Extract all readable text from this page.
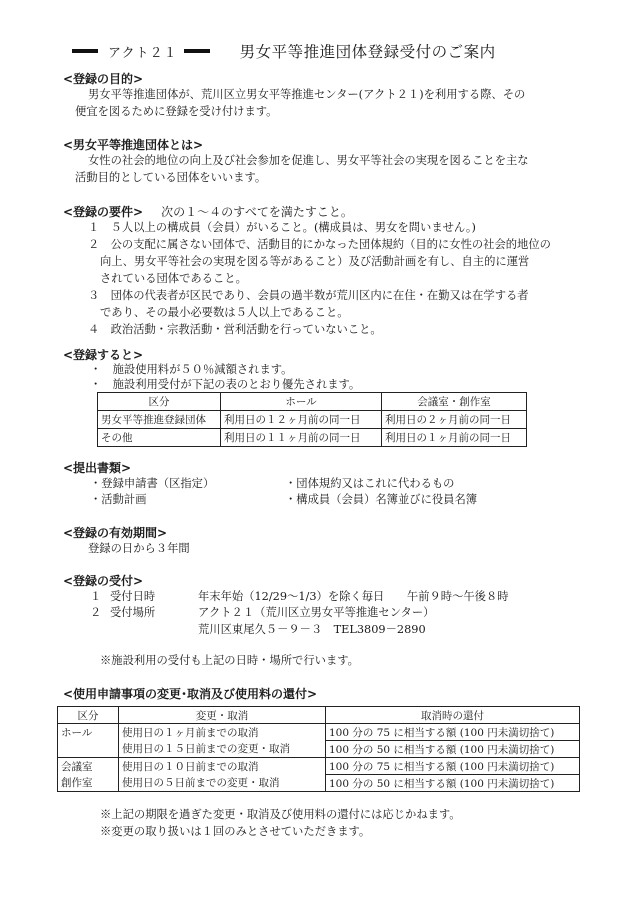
アクト２１	男女平等推進団体登録受付のご案内
<登録の目的>
男女平等推進団体が、荒川区立男女平等推進センター(アクト２１)を利用する際、その
便宜を図るために登録を受け付けます。
<男女平等推進団体とは>
女性の社会的地位の向上及び社会参加を促進し、男女平等社会の実現を図ることを主な
活動目的としている団体をいいます。
<登録の要件> 次の１～４のすべてを満たすこと。
１　５人以上の構成員（会員）がいること。(構成員は、男女を問いません。)
２　公の支配に属さない団体で、活動目的にかなった団体規約（目的に女性の社会的地位の
向上、男女平等社会の実現を図る等があること）及び活動計画を有し、自主的に運営
されている団体であること。
３　団体の代表者が区民であり、会員の過半数が荒川区内に在住・在勤又は在学する者
であり、その最小必要数は５人以上であること。
４　政治活動・宗教活動・営利活動を行っていないこと。
<登録すると>
・　施設使用料が５０％減額されます。
・　施設利用受付が下記の表のとおり優先されます。
区分	ホール	会議室・創作室
男女平等推進登録団体	利用日の１２ヶ月前の同一日	利用日の２ヶ月前の同一日
その他	利用日の１１ヶ月前の同一日	利用日の１ヶ月前の同一日
<提出書類>
・登録申請書（区指定）	・団体規約又はこれに代わるもの
・活動計画	・構成員（会員）名簿並びに役員名簿
<登録の有効期間>
登録の日から３年間
<登録の受付>
１ 受付日時	年末年始（12/29～1/3）を除く毎日　　午前９時～午後８時
２ 受付場所	アクト２１（荒川区立男女平等推進センター）
荒川区東尾久５－９－３　TEL3809－2890
※施設利用の受付も上記の日時・場所で行います。
<使用申請事項の変更･取消及び使用料の還付>
区分	変更・取消	取消時の還付
ホール	使用日の１ヶ月前までの取消	100 分の 75 に相当する額 (100 円未満切捨て)
	使用日の１５日前までの変更・取消	100 分の 50 に相当する額 (100 円未満切捨て)
会議室	使用日の１０日前までの取消	100 分の 75 に相当する額 (100 円未満切捨て)
創作室	使用日の５日前までの変更・取消	100 分の 50 に相当する額 (100 円未満切捨て)
※上記の期限を過ぎた変更・取消及び使用料の還付には応じかねます。
※変更の取り扱いは１回のみとさせていただきます。
